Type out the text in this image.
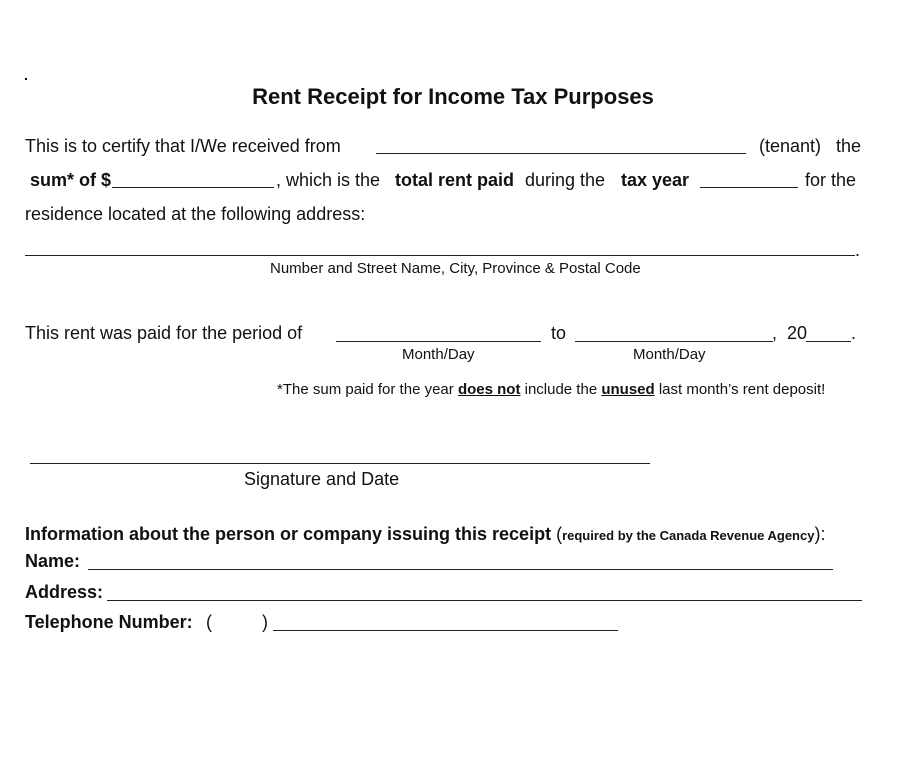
Rent Receipt for Income Tax Purposes
This is to certify that I/We received from	(tenant) the
sum* of $	, which is the total rent paid during the tax year	for the
residence located at the following address:
.
Number and Street Name, City, Province & Postal Code
This rent was paid for the period of	to	, 20 .
Month/Day	Month/Day
*The sum paid for the year does not include the unused last month’s rent deposit!
Signature and Date
Information about the person or company issuing this receipt (required by the Canada Revenue Agency):
Name:
Address:
Telephone Number: (	)
